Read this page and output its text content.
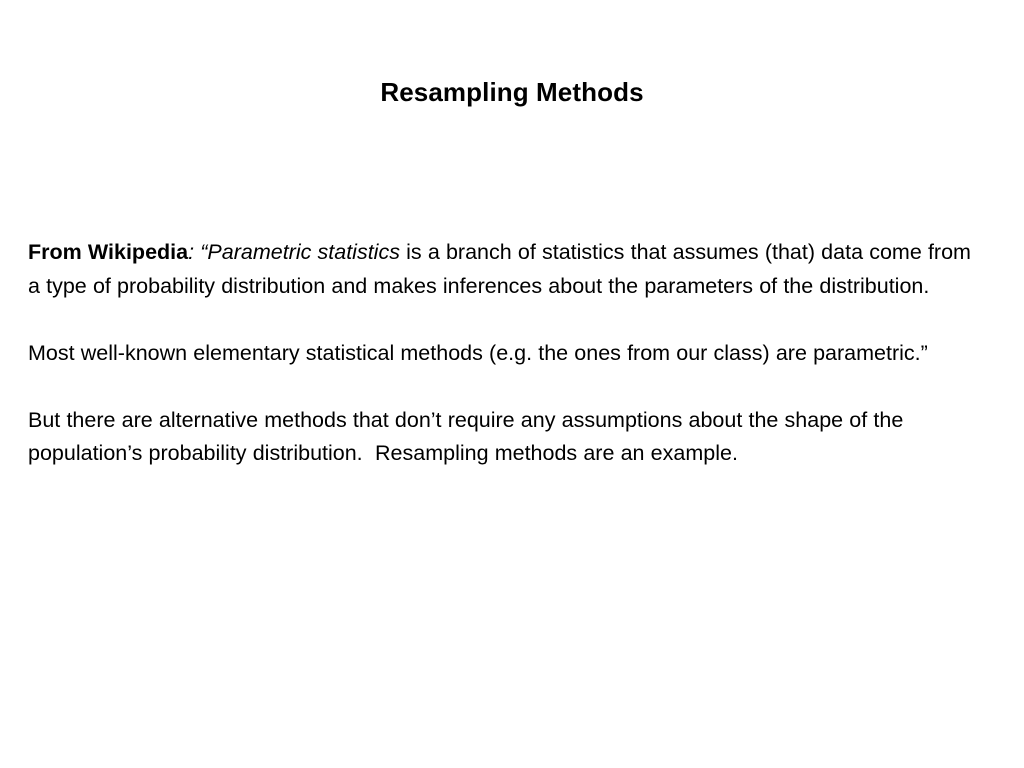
Resampling Methods

From Wikipedia: “Parametric statistics is a branch of statistics that assumes (that) data come from a type of probability distribution and makes inferences about the parameters of the distribution.

Most well-known elementary statistical methods (e.g. the ones from our class) are parametric.”

But there are alternative methods that don’t require any assumptions about the shape of the population’s probability distribution.  Resampling methods are an example.
